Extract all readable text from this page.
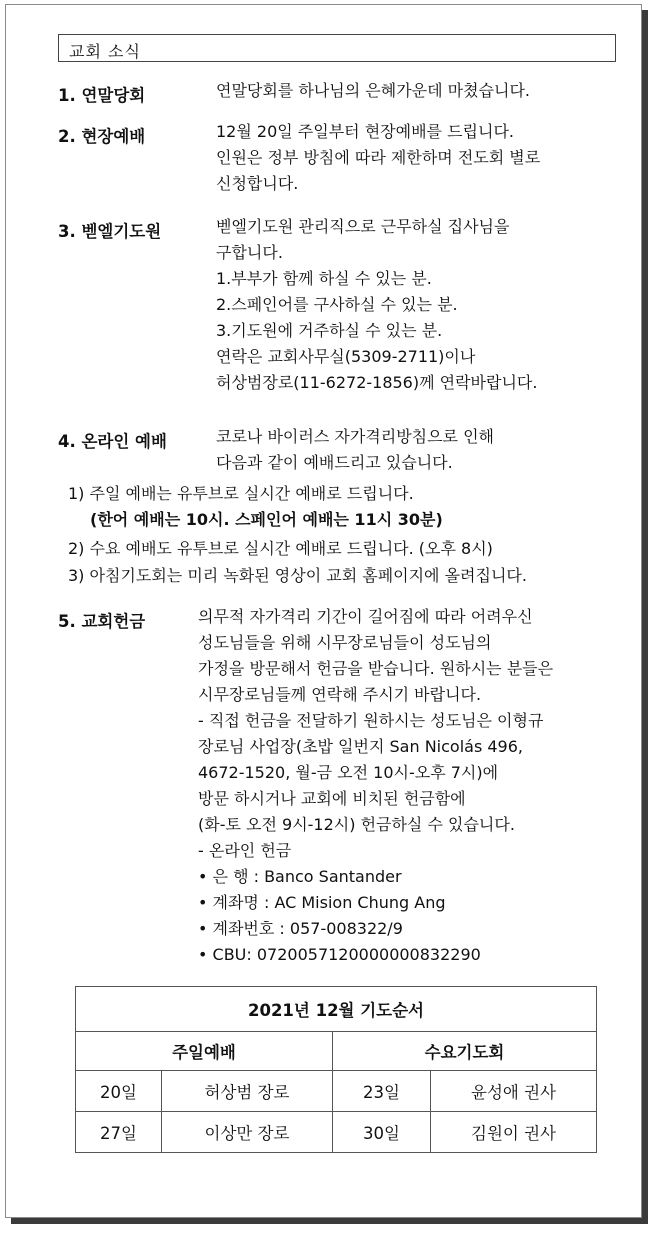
교회 소식
1. 연말당회	연말당회를 하나님의 은혜가운데 마쳤습니다.
2. 현장예배	12월 20일 주일부터 현장예배를 드립니다.
인원은 정부 방침에 따라 제한하며 전도회 별로
신청합니다.
3. 벧엘기도원	벧엘기도원 관리직으로 근무하실 집사님을
구합니다.
1.부부가 함께 하실 수 있는 분.
2.스페인어를 구사하실 수 있는 분.
3.기도원에 거주하실 수 있는 분.
연락은 교회사무실(5309-2711)이나
허상범장로(11-6272-1856)께 연락바랍니다.
4. 온라인 예배	코로나 바이러스 자가격리방침으로 인해
다음과 같이 예배드리고 있습니다.
1) 주일 예배는 유투브로 실시간 예배로 드립니다.
(한어 예배는 10시. 스페인어 예배는 11시 30분)
2) 수요 예배도 유투브로 실시간 예배로 드립니다. (오후 8시)
3) 아침기도회는 미리 녹화된 영상이 교회 홈페이지에 올려집니다.
5. 교회헌금	의무적 자가격리 기간이 길어짐에 따라 어려우신
성도님들을 위해 시무장로님들이 성도님의
가정을 방문해서 헌금을 받습니다. 원하시는 분들은
시무장로님들께 연락해 주시기 바랍니다.
- 직접 헌금을 전달하기 원하시는 성도님은 이형규
장로님 사업장(초밥 일번지 San Nicolás 496,
4672-1520, 월-금 오전 10시-오후 7시)에
방문 하시거나 교회에 비치된 헌금함에
(화-토 오전 9시-12시) 헌금하실 수 있습니다.
- 온라인 헌금
• 은 행 : Banco Santander
• 계좌명 : AC Mision Chung Ang
• 계좌번호 : 057-008322/9
• CBU: 0720057120000000832290
2021년 12월 기도순서			
주일예배		수요기도회	
20일	허상범 장로	23일	윤성애 권사
27일	이상만 장로	30일	김원이 권사
